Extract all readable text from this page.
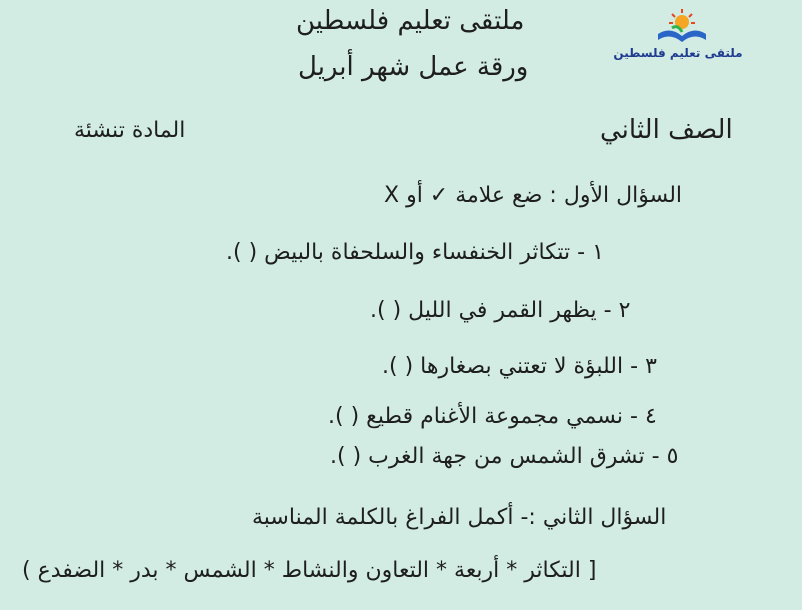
ملتقى تعليم فلسطين
ملتقى تعليم فلسطين
ورقة عمل شهر أبريل
الصف الثاني
المادة تنشئة
السؤال الأول : ضع علامة ✓ أو X
١ - تتكاثر الخنفساء والسلحفاة بالبيض ( ).
٢ - يظهر القمر في الليل ( ).
٣ - اللبؤة لا تعتني بصغارها ( ).
٤ - نسمي مجموعة الأغنام قطيع ( ).
٥ - تشرق الشمس من جهة الغرب ( ).
السؤال الثاني :- أكمل الفراغ بالكلمة المناسبة
[ التكاثر * أربعة * التعاون والنشاط * الشمس * بدر * الضفدع )
